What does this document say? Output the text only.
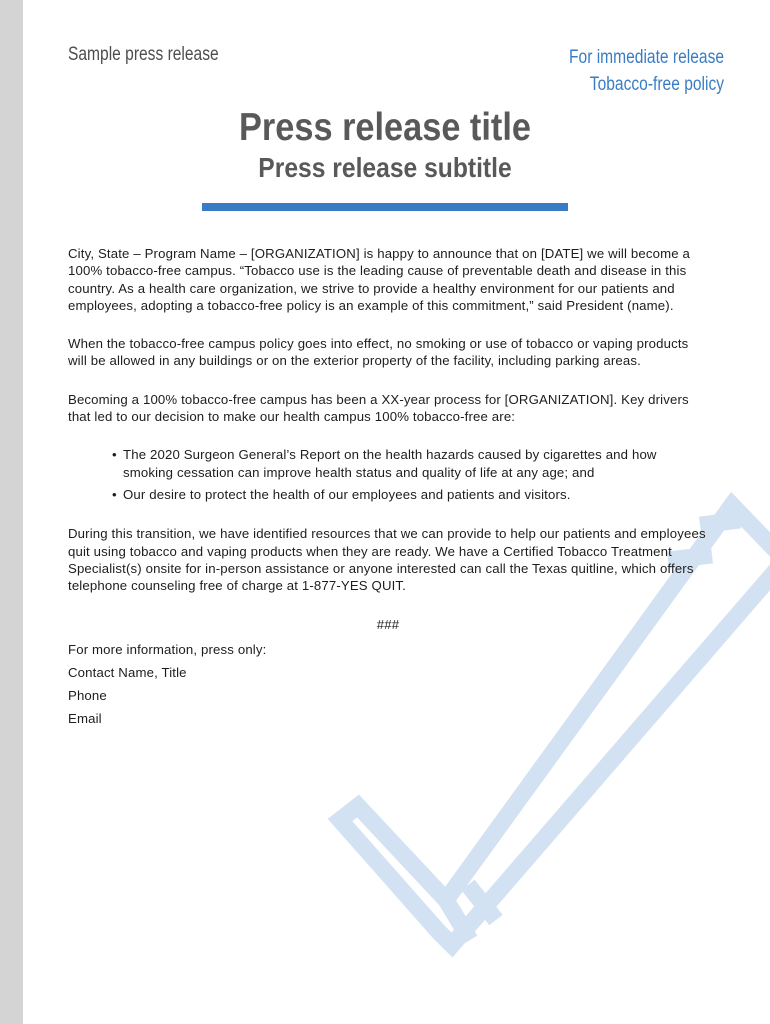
Sample press release	For immediate release
Tobacco-free policy
Press release title
Press release subtitle

City, State – Program Name – [ORGANIZATION] is happy to announce that on [DATE] we will become a 100% tobacco-free campus. “Tobacco use is the leading cause of preventable death and disease in this country. As a health care organization, we strive to provide a healthy environment for our patients and employees, adopting a tobacco-free policy is an example of this commitment,” said President (name).

When the tobacco-free campus policy goes into effect, no smoking or use of tobacco or vaping products will be allowed in any buildings or on the exterior property of the facility, including parking areas.

Becoming a 100% tobacco-free campus has been a XX-year process for [ORGANIZATION]. Key drivers that led to our decision to make our health campus 100% tobacco-free are:

• The 2020 Surgeon General’s Report on the health hazards caused by cigarettes and how smoking cessation can improve health status and quality of life at any age; and
• Our desire to protect the health of our employees and patients and visitors.

During this transition, we have identified resources that we can provide to help our patients and employees quit using tobacco and vaping products when they are ready. We have a Certified Tobacco Treatment Specialist(s) onsite for in-person assistance or anyone interested can call the Texas quitline, which offers telephone counseling free of charge at 1-877-YES QUIT.

###
For more information, press only:
Contact Name, Title
Phone
Email
